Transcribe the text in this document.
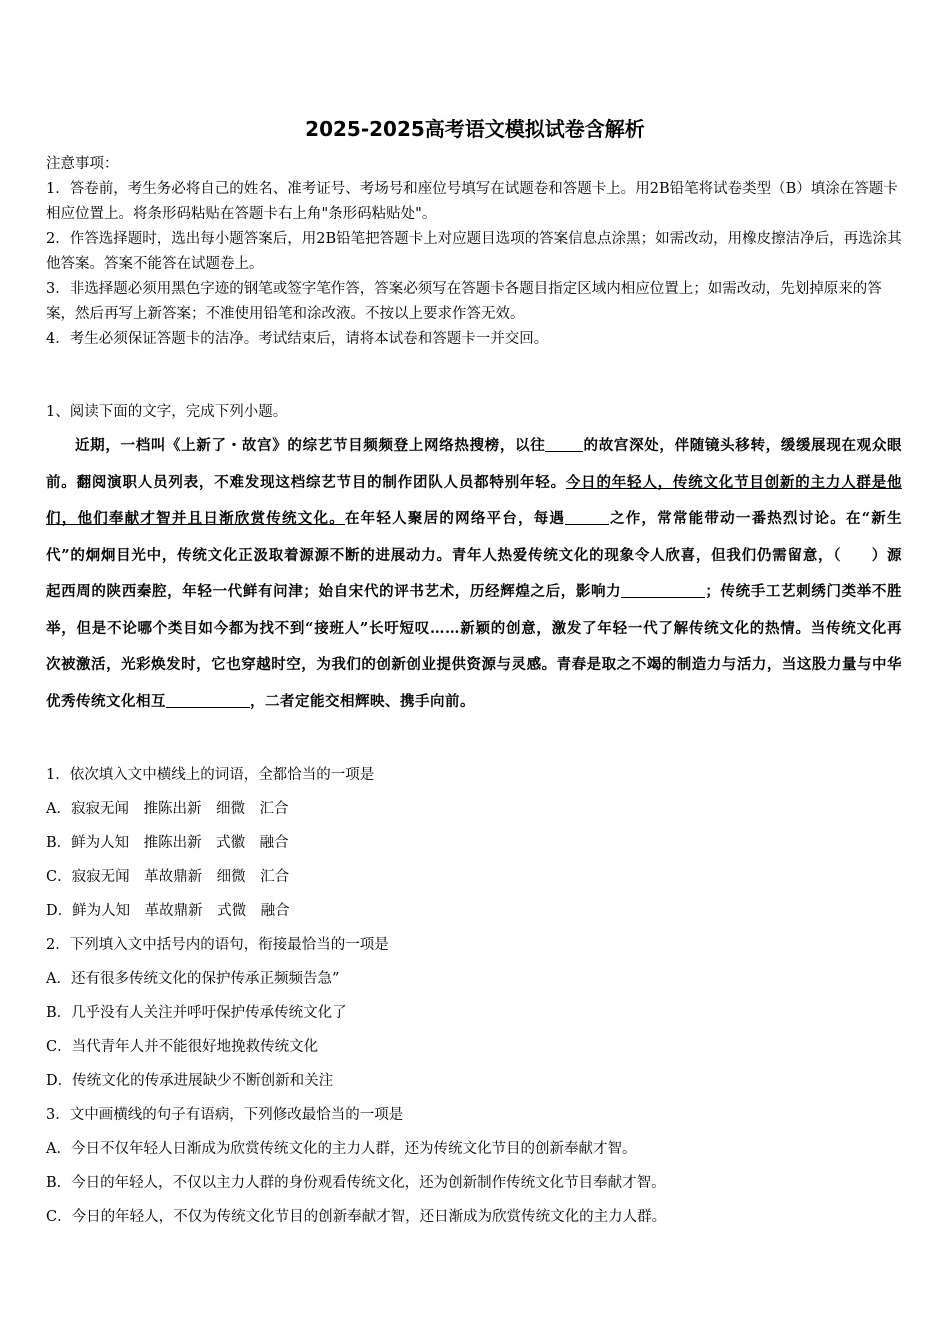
2025-2025高考语文模拟试卷含解析
注意事项：
1．答卷前，考生务必将自己的姓名、准考证号、考场号和座位号填写在试题卷和答题卡上。用2B铅笔将试卷类型（B）填涂在答题卡相应位置上。将条形码粘贴在答题卡右上角"条形码粘贴处"。
2．作答选择题时，选出每小题答案后，用2B铅笔把答题卡上对应题目选项的答案信息点涂黑；如需改动，用橡皮擦洁净后，再选涂其他答案。答案不能答在试题卷上。
3．非选择题必须用黑色字迹的钢笔或签字笔作答，答案必须写在答题卡各题目指定区域内相应位置上；如需改动，先划掉原来的答案，然后再写上新答案；不准使用铅笔和涂改液。不按以上要求作答无效。
4．考生必须保证答题卡的洁净。考试结束后，请将本试卷和答题卡一并交回。
1、阅读下面的文字，完成下列小题。
近期，一档叫《上新了・故宫》的综艺节目频频登上网络热搜榜，以往	的故宫深处，伴随镜头移转，缓缓展现在观众眼前。翻阅演职人员列表，不难发现这档综艺节目的制作团队人员都特别年轻。今日的年轻人，传统文化节目创新的主力人群是他们，他们奉献才智并且日渐欣赏传统文化。在年轻人聚居的网络平台，每遇	之作，常常能带动一番热烈讨论。在“新生代”的炯炯目光中，传统文化正汲取着源源不断的进展动力。青年人热爱传统文化的现象令人欣喜，但我们仍需留意，（　　）源起西周的陕西秦腔，年轻一代鲜有问津；始自宋代的评书艺术，历经辉煌之后，影响力	；传统手工艺刺绣门类举不胜举，但是不论哪个类目如今都为找不到“接班人”长吁短叹……新颖的创意，激发了年轻一代了解传统文化的热情。当传统文化再次被激活，光彩焕发时，它也穿越时空，为我们的创新创业提供资源与灵感。青春是取之不竭的制造力与活力，当这股力量与中华优秀传统文化相互	，二者定能交相辉映、携手向前。
1．依次填入文中横线上的词语，全都恰当的一项是
A．寂寂无闻　推陈出新　细微　汇合
B．鲜为人知　推陈出新　式徽　融合
C．寂寂无闻　革故鼎新　细微　汇合
D．鲜为人知　革故鼎新　式微　融合
2．下列填入文中括号内的语句，衔接最恰当的一项是
A．还有很多传统文化的保护传承正频频告急”
B．几乎没有人关注并呼吁保护传承传统文化了
C．当代青年人并不能很好地挽救传统文化
D．传统文化的传承进展缺少不断创新和关注
3．文中画横线的句子有语病，下列修改最恰当的一项是
A．今日不仅年轻人日渐成为欣赏传统文化的主力人群，还为传统文化节目的创新奉献才智。
B．今日的年轻人，不仅以主力人群的身份观看传统文化，还为创新制作传统文化节目奉献才智。
C．今日的年轻人，不仅为传统文化节目的创新奉献才智，还日渐成为欣赏传统文化的主力人群。
